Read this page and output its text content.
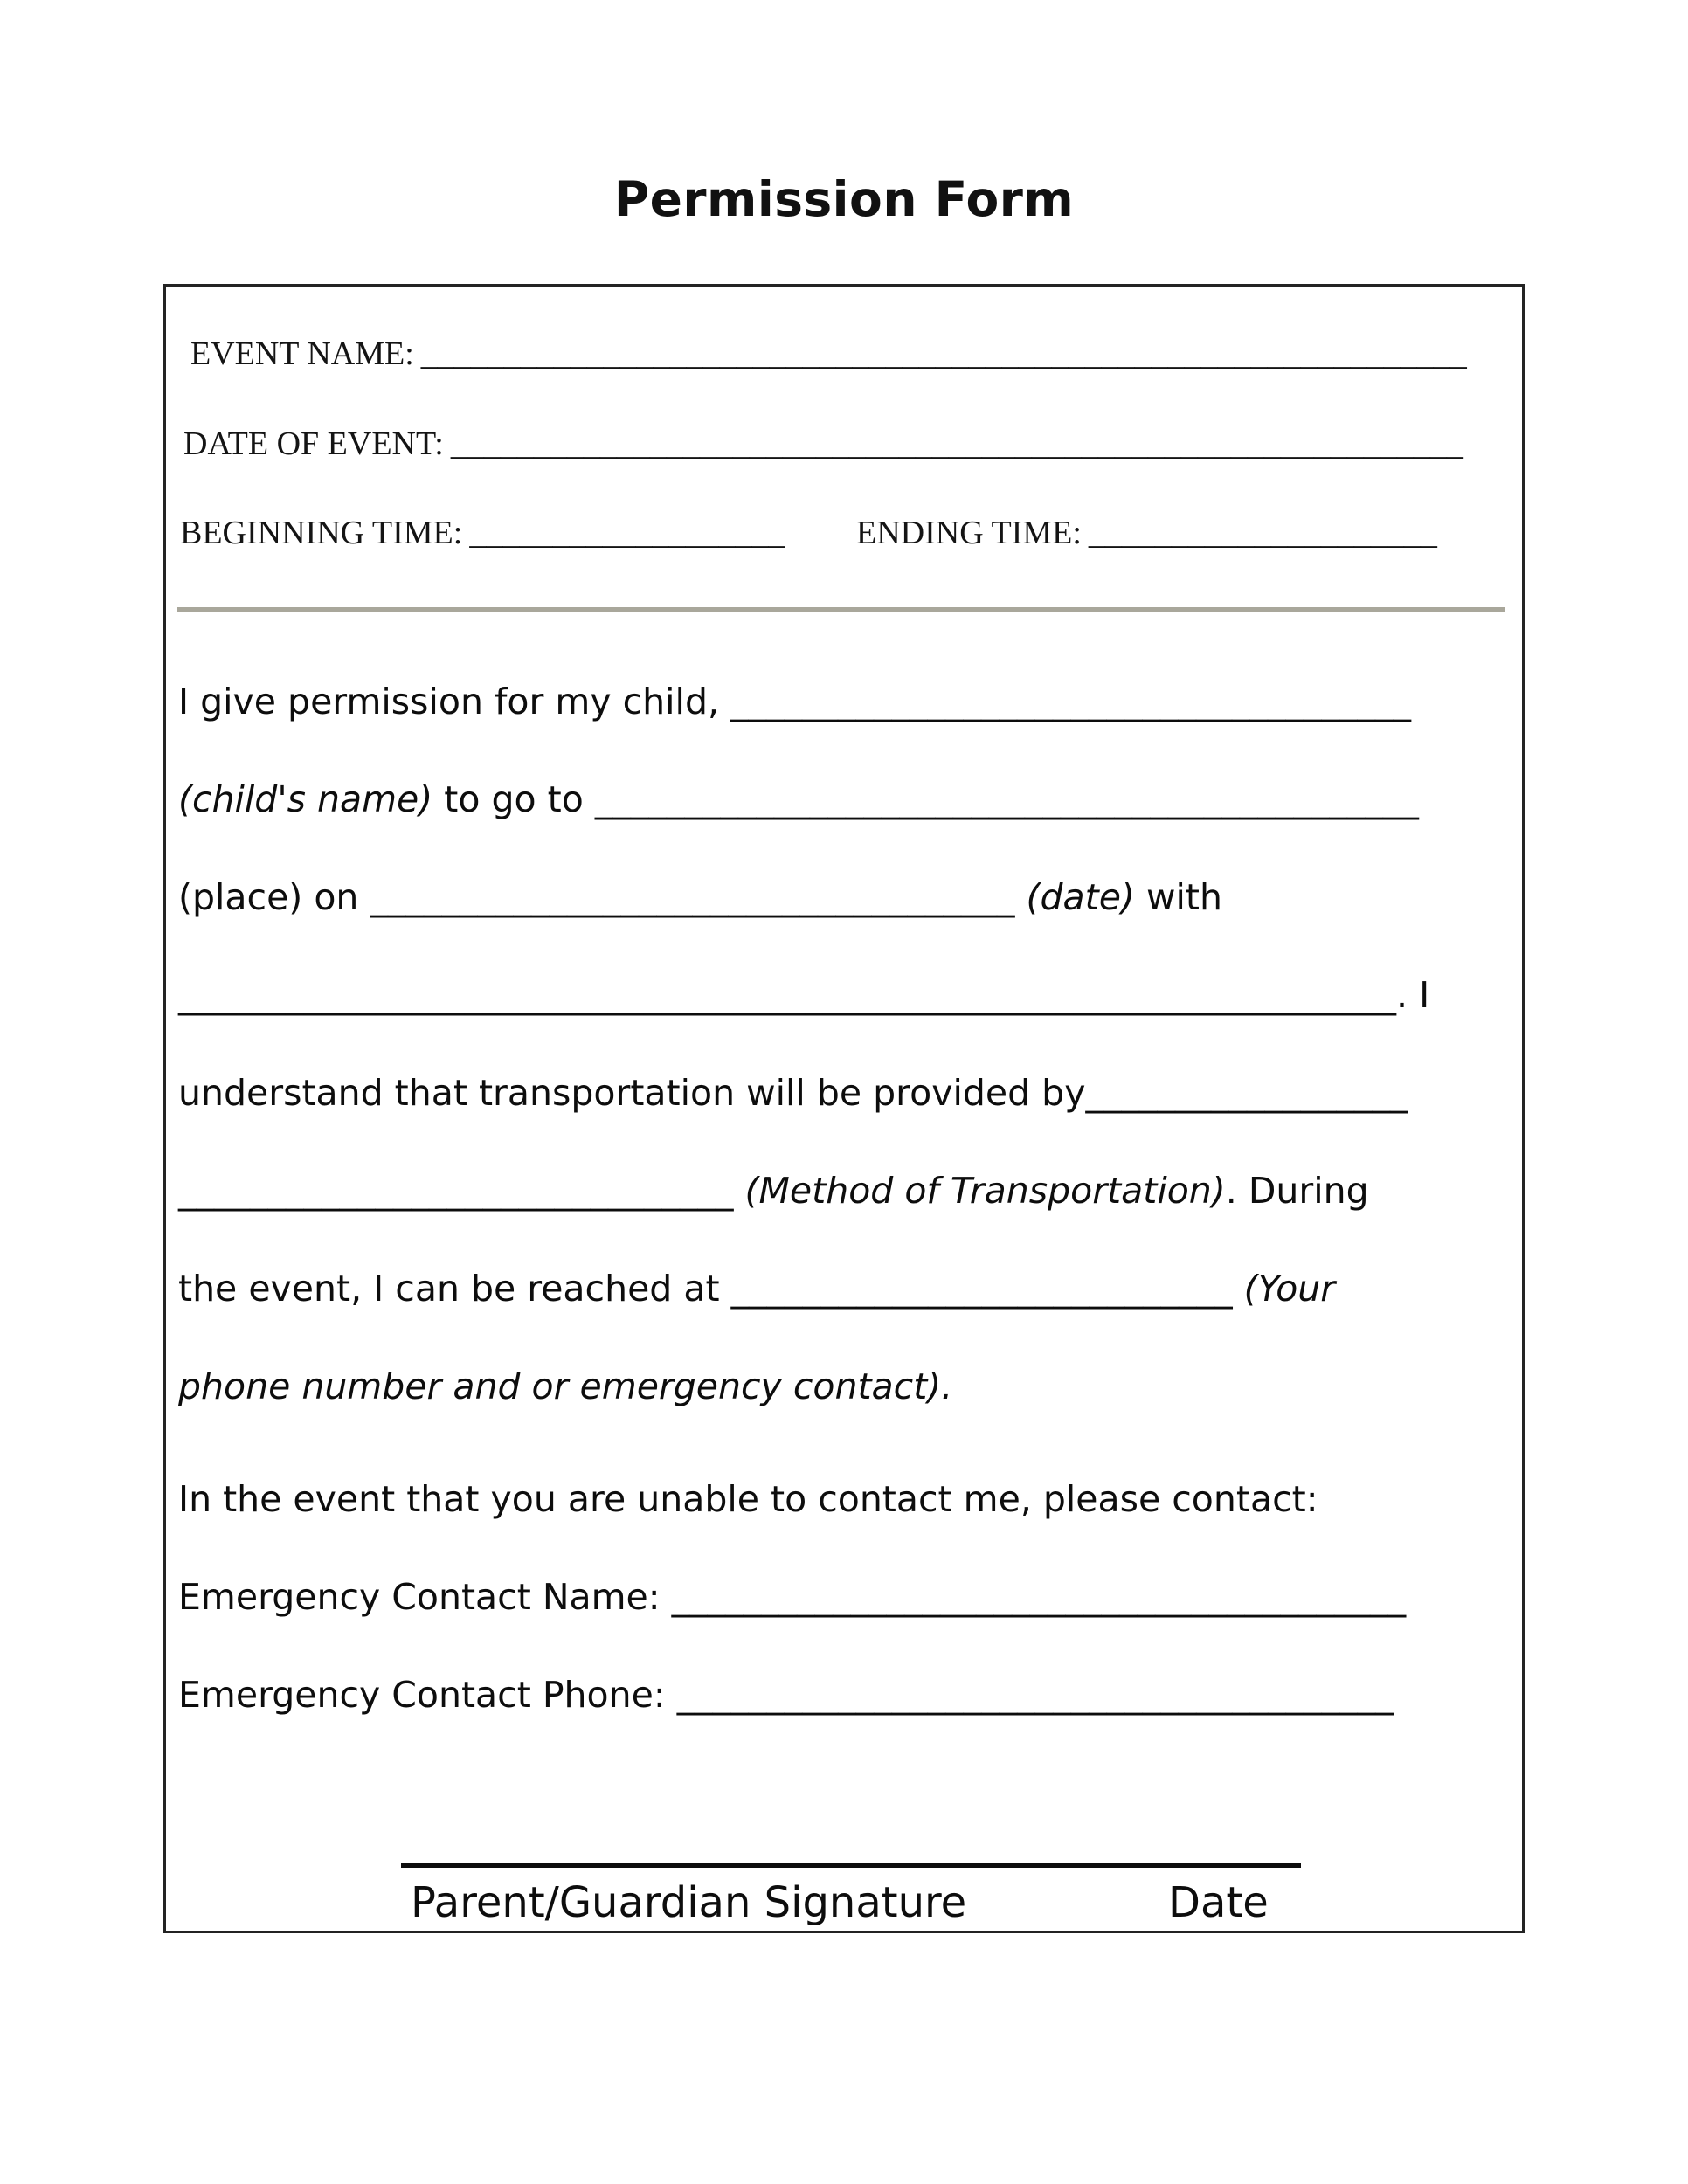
Permission Form
EVENT NAME: _______________________________________________________________
DATE OF EVENT: _____________________________________________________________
BEGINNING TIME: ___________________ ENDING TIME: _____________________
I give permission for my child, ______________________________________
(child's name) to go to ______________________________________________
(place) on ____________________________________ (date) with
____________________________________________________________________. I
understand that transportation will be provided by__________________
_______________________________ (Method of Transportation). During
the event, I can be reached at ____________________________ (Your
phone number and or emergency contact).
In the event that you are unable to contact me, please contact:
Emergency Contact Name: _________________________________________
Emergency Contact Phone: ________________________________________
Parent/Guardian Signature	Date
